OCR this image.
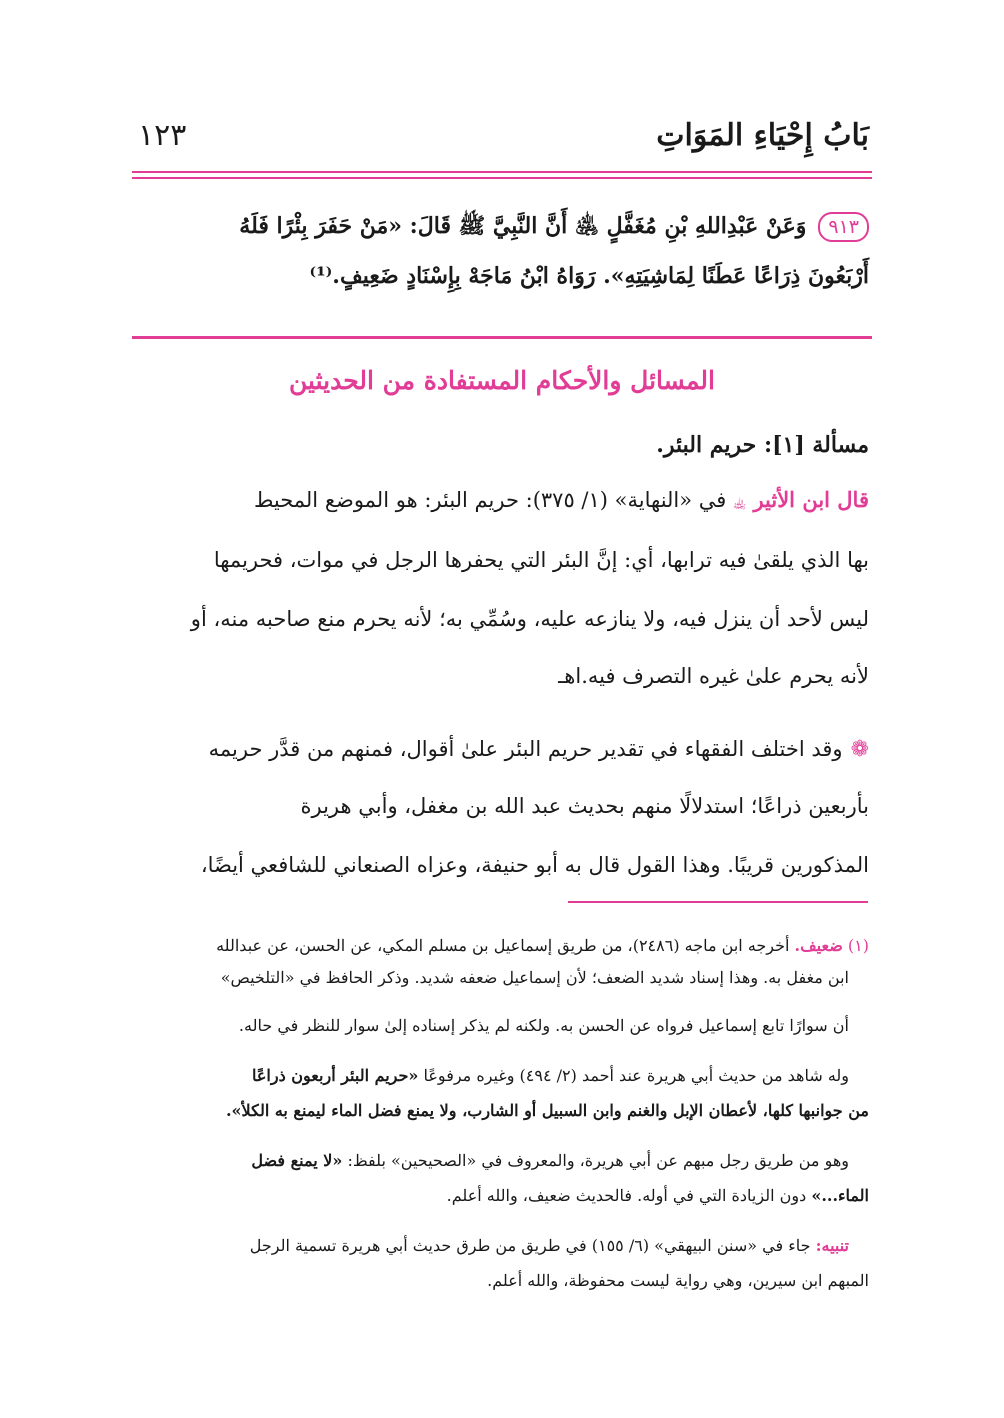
بَابُ إِحْيَاءِ المَوَاتِ
١٢٣
٩١٣وَعَنْ عَبْدِاللهِ بْنِ مُغَفَّلٍ ﵁ أَنَّ النَّبِيَّ ﷺ قَالَ: «مَنْ حَفَرَ بِئْرًا فَلَهُ
أَرْبَعُونَ ذِرَاعًا عَطَنًا لِمَاشِيَتِهِ». رَوَاهُ ابْنُ مَاجَهْ بِإِسْنَادٍ ضَعِيفٍ.⁽¹⁾
المسائل والأحكام المستفادة من الحديثين
مسألة [١]: حريم البئر.
قال ابن الأثير ﵀ في «النهاية» (١/ ٣٧٥): حريم البئر: هو الموضع المحيط
بها الذي يلقىٰ فيه ترابها، أي: إنَّ البئر التي يحفرها الرجل في موات، فحريمها
ليس لأحد أن ينزل فيه، ولا ينازعه عليه، وسُمِّي به؛ لأنه يحرم منع صاحبه منه، أو
لأنه يحرم علىٰ غيره التصرف فيه.اهـ
❁وقد اختلف الفقهاء في تقدير حريم البئر علىٰ أقوال، فمنهم من قدَّر حريمه
بأربعين ذراعًا؛ استدلالًا منهم بحديث عبد الله بن مغفل، وأبي هريرة
المذكورين قريبًا. وهذا القول قال به أبو حنيفة، وعزاه الصنعاني للشافعي أيضًا،
(١) ضعيف. أخرجه ابن ماجه (٢٤٨٦)، من طريق إسماعيل بن مسلم المكي، عن الحسن، عن عبدالله
ابن مغفل به. وهذا إسناد شديد الضعف؛ لأن إسماعيل ضعفه شديد. وذكر الحافظ في «التلخيص»
أن سوارًا تابع إسماعيل فرواه عن الحسن به. ولكنه لم يذكر إسناده إلىٰ سوار للنظر في حاله.
وله شاهد من حديث أبي هريرة عند أحمد (٢/ ٤٩٤) وغيره مرفوعًا «حريم البئر أربعون ذراعًا
من جوانبها كلها، لأعطان الإبل والغنم وابن السبيل أو الشارب، ولا يمنع فضل الماء ليمنع به الكلأ».
وهو من طريق رجل مبهم عن أبي هريرة، والمعروف في «الصحيحين» بلفظ: «لا يمنع فضل
الماء...» دون الزيادة التي في أوله. فالحديث ضعيف، والله أعلم.
تنبيه: جاء في «سنن البيهقي» (٦/ ١٥٥) في طريق من طرق حديث أبي هريرة تسمية الرجل
المبهم ابن سيرين، وهي رواية ليست محفوظة، والله أعلم.
